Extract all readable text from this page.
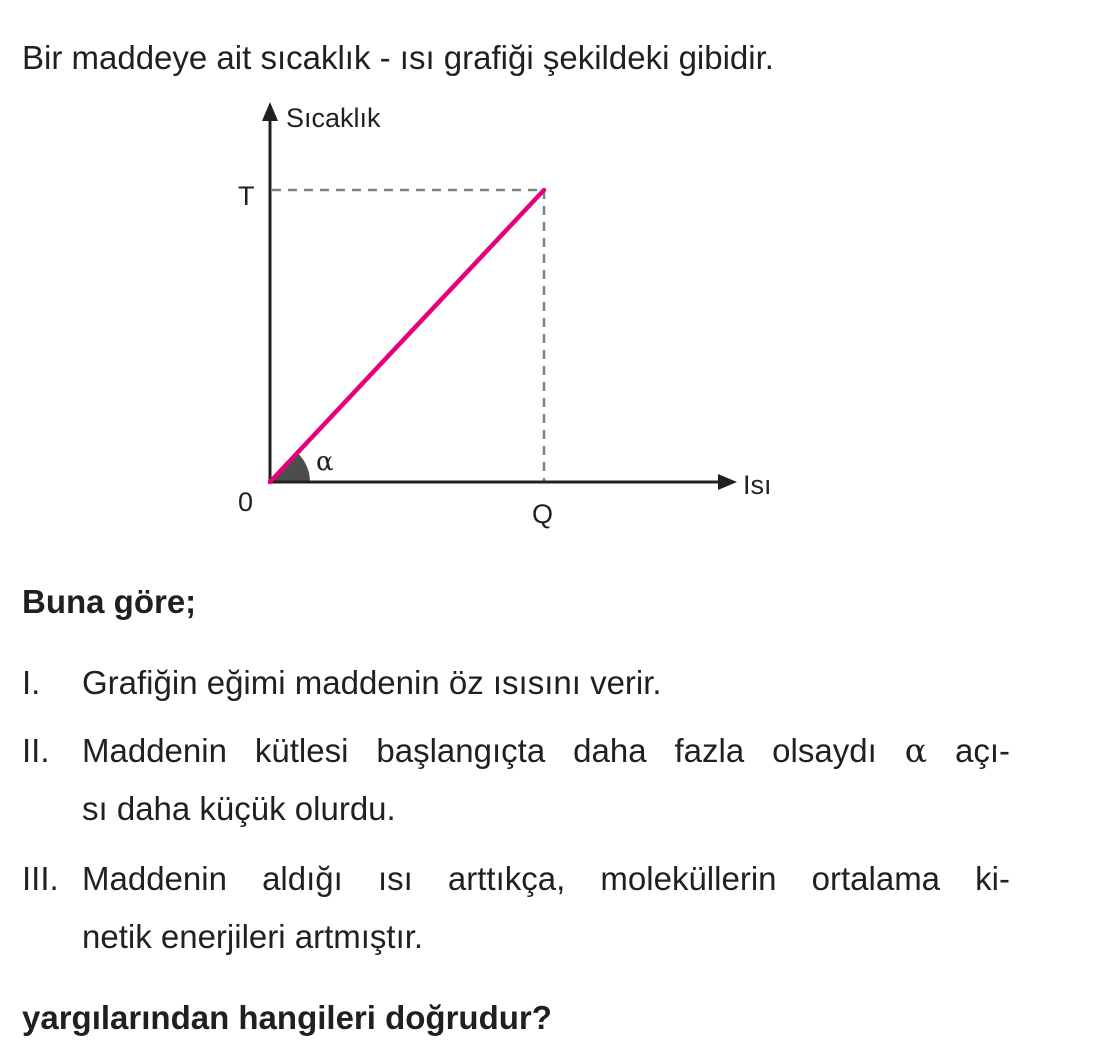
Bir maddeye ait sıcaklık - ısı grafiği şekildeki gibidir.
Sıcaklık
T
0	Q
Isı
α
Buna göre;
I. Grafiğin eğimi maddenin öz ısısını verir.
II. Maddenin kütlesi başlangıçta daha fazla olsaydı α açı-
sı daha küçük olurdu.
III. Maddenin aldığı ısı arttıkça, moleküllerin ortalama ki-
netik enerjileri artmıştır.
yargılarından hangileri doğrudur?
